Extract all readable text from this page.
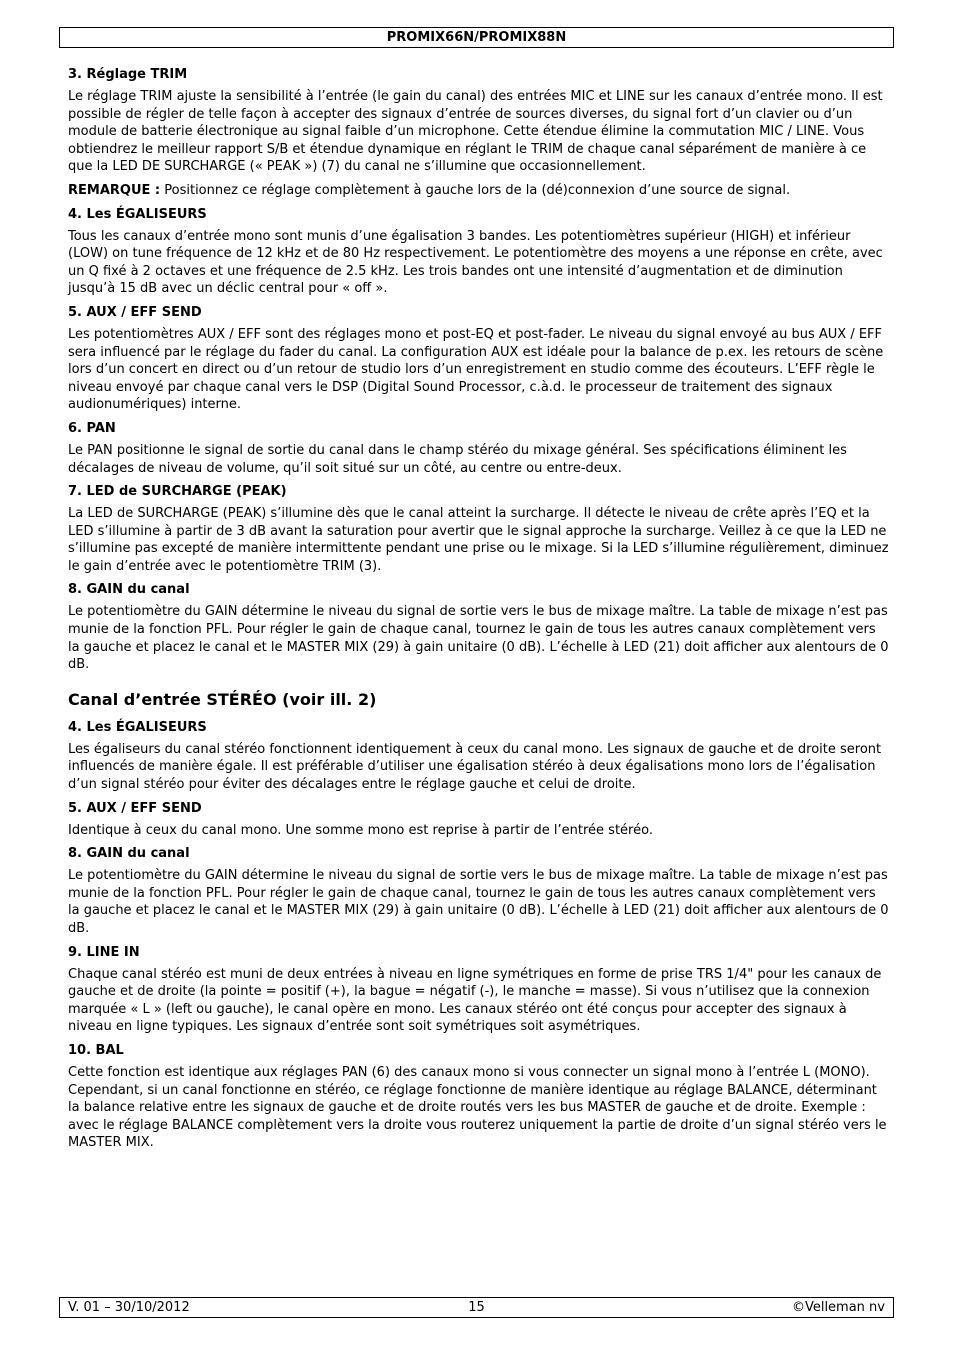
PROMIX66N/PROMIX88N
3. Réglage TRIM
Le réglage TRIM ajuste la sensibilité à l’entrée (le gain du canal) des entrées MIC et LINE sur les canaux d’entrée mono. Il est possible de régler de telle façon à accepter des signaux d’entrée de sources diverses, du signal fort d’un clavier ou d’un module de batterie électronique au signal faible d’un microphone. Cette étendue élimine la commutation MIC / LINE. Vous obtiendrez le meilleur rapport S/B et étendue dynamique en réglant le TRIM de chaque canal séparément de manière à ce que la LED DE SURCHARGE (« PEAK ») (7) du canal ne s’illumine que occasionnellement.
REMARQUE : Positionnez ce réglage complètement à gauche lors de la (dé)connexion d’une source de signal.
4. Les ÉGALISEURS
Tous les canaux d’entrée mono sont munis d’une égalisation 3 bandes. Les potentiomètres supérieur (HIGH) et inférieur (LOW) on tune fréquence de 12 kHz et de 80 Hz respectivement. Le potentiomètre des moyens a une réponse en crête, avec un Q fixé à 2 octaves et une fréquence de 2.5 kHz. Les trois bandes ont une intensité d’augmentation et de diminution jusqu’à 15 dB avec un déclic central pour « off ».
5. AUX / EFF SEND
Les potentiomètres AUX / EFF sont des réglages mono et post-EQ et post-fader. Le niveau du signal envoyé au bus AUX / EFF sera influencé par le réglage du fader du canal. La configuration AUX est idéale pour la balance de p.ex. les retours de scène lors d’un concert en direct ou d’un retour de studio lors d’un enregistrement en studio comme des écouteurs. L’EFF règle le niveau envoyé par chaque canal vers le DSP (Digital Sound Processor, c.à.d. le processeur de traitement des signaux audionumériques) interne.
6. PAN
Le PAN positionne le signal de sortie du canal dans le champ stéréo du mixage général. Ses spécifications éliminent les décalages de niveau de volume, qu’il soit situé sur un côté, au centre ou entre-deux.
7. LED de SURCHARGE (PEAK)
La LED de SURCHARGE (PEAK) s’illumine dès que le canal atteint la surcharge. Il détecte le niveau de crête après l’EQ et la LED s’illumine à partir de 3 dB avant la saturation pour avertir que le signal approche la surcharge. Veillez à ce que la LED ne s’illumine pas excepté de manière intermittente pendant une prise ou le mixage. Si la LED s’illumine régulièrement, diminuez le gain d’entrée avec le potentiomètre TRIM (3).
8. GAIN du canal
Le potentiomètre du GAIN détermine le niveau du signal de sortie vers le bus de mixage maître. La table de mixage n’est pas munie de la fonction PFL. Pour régler le gain de chaque canal, tournez le gain de tous les autres canaux complètement vers la gauche et placez le canal et le MASTER MIX (29) à gain unitaire (0 dB). L’échelle à LED (21) doit afficher aux alentours de 0 dB.
Canal d’entrée STÉRÉO (voir ill. 2)
4. Les ÉGALISEURS
Les égaliseurs du canal stéréo fonctionnent identiquement à ceux du canal mono. Les signaux de gauche et de droite seront influencés de manière égale. Il est préférable d’utiliser une égalisation stéréo à deux égalisations mono lors de l’égalisation d’un signal stéréo pour éviter des décalages entre le réglage gauche et celui de droite.
5. AUX / EFF SEND
Identique à ceux du canal mono. Une somme mono est reprise à partir de l’entrée stéréo.
8. GAIN du canal
Le potentiomètre du GAIN détermine le niveau du signal de sortie vers le bus de mixage maître. La table de mixage n’est pas munie de la fonction PFL. Pour régler le gain de chaque canal, tournez le gain de tous les autres canaux complètement vers la gauche et placez le canal et le MASTER MIX (29) à gain unitaire (0 dB). L’échelle à LED (21) doit afficher aux alentours de 0 dB.
9. LINE IN
Chaque canal stéréo est muni de deux entrées à niveau en ligne symétriques en forme de prise TRS 1/4" pour les canaux de gauche et de droite (la pointe = positif (+), la bague = négatif (-), le manche = masse). Si vous n’utilisez que la connexion marquée « L » (left ou gauche), le canal opère en mono. Les canaux stéréo ont été conçus pour accepter des signaux à niveau en ligne typiques. Les signaux d’entrée sont soit symétriques soit asymétriques.
10. BAL
Cette fonction est identique aux réglages PAN (6) des canaux mono si vous connecter un signal mono à l’entrée L (MONO). Cependant, si un canal fonctionne en stéréo, ce réglage fonctionne de manière identique au réglage BALANCE, déterminant la balance relative entre les signaux de gauche et de droite routés vers les bus MASTER de gauche et de droite. Exemple : avec le réglage BALANCE complètement vers la droite vous routerez uniquement la partie de droite d’un signal stéréo vers le MASTER MIX.
V. 01 – 30/10/2012	15	©Velleman nv
